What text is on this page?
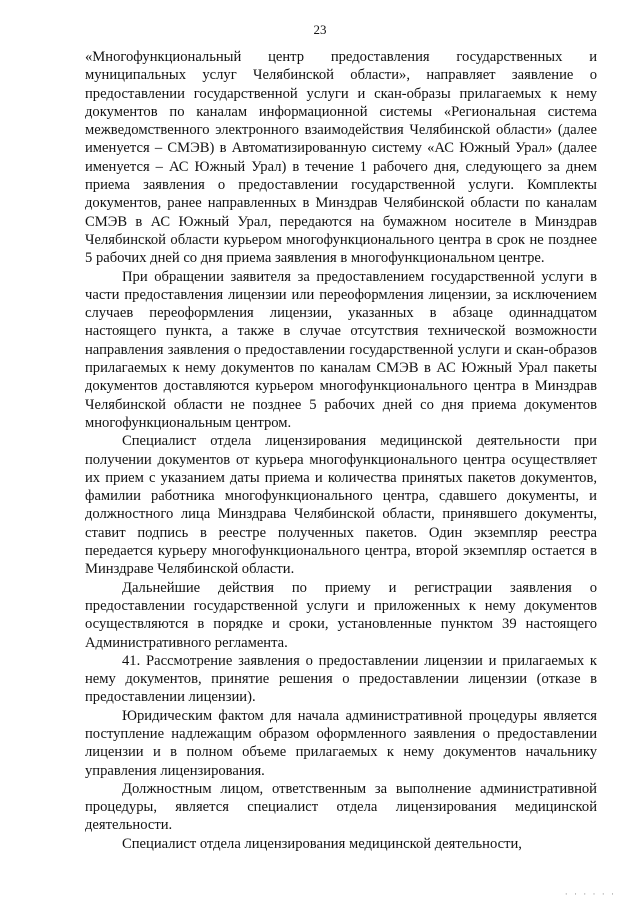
23

«Многофункциональный центр предоставления государственных и муниципальных услуг Челябинской области», направляет заявление о предоставлении государственной услуги и скан-образы прилагаемых к нему документов по каналам информационной системы «Региональная система межведомственного электронного взаимодействия Челябинской области» (далее именуется – СМЭВ) в Автоматизированную систему «АС Южный Урал» (далее именуется – АС Южный Урал) в течение 1 рабочего дня, следующего за днем приема заявления о предоставлении государственной услуги. Комплекты документов, ранее направленных в Минздрав Челябинской области по каналам СМЭВ в АС Южный Урал, передаются на бумажном носителе в Минздрав Челябинской области курьером многофункционального центра в срок не позднее 5 рабочих дней со дня приема заявления в многофункциональном центре.

При обращении заявителя за предоставлением государственной услуги в части предоставления лицензии или переоформления лицензии, за исключением случаев переоформления лицензии, указанных в абзаце одиннадцатом настоящего пункта, а также в случае отсутствия технической возможности направления заявления о предоставлении государственной услуги и скан-образов прилагаемых к нему документов по каналам СМЭВ в АС Южный Урал пакеты документов доставляются курьером многофункционального центра в Минздрав Челябинской области не позднее 5 рабочих дней со дня приема документов многофункциональным центром.

Специалист отдела лицензирования медицинской деятельности при получении документов от курьера многофункционального центра осуществляет их прием с указанием даты приема и количества принятых пакетов документов, фамилии работника многофункционального центра, сдавшего документы, и должностного лица Минздрава Челябинской области, принявшего документы, ставит подпись в реестре полученных пакетов. Один экземпляр реестра передается курьеру многофункционального центра, второй экземпляр остается в Минздраве Челябинской области.

Дальнейшие действия по приему и регистрации заявления о предоставлении государственной услуги и приложенных к нему документов осуществляются в порядке и сроки, установленные пунктом 39 настоящего Административного регламента.

41. Рассмотрение заявления о предоставлении лицензии и прилагаемых к нему документов, принятие решения о предоставлении лицензии (отказе в предоставлении лицензии).

Юридическим фактом для начала административной процедуры является поступление надлежащим образом оформленного заявления о предоставлении лицензии и в полном объеме прилагаемых к нему документов начальнику управления лицензирования.

Должностным лицом, ответственным за выполнение административной процедуры, является специалист отдела лицензирования медицинской деятельности.

Специалист отдела лицензирования медицинской деятельности,

· · · · · ·
